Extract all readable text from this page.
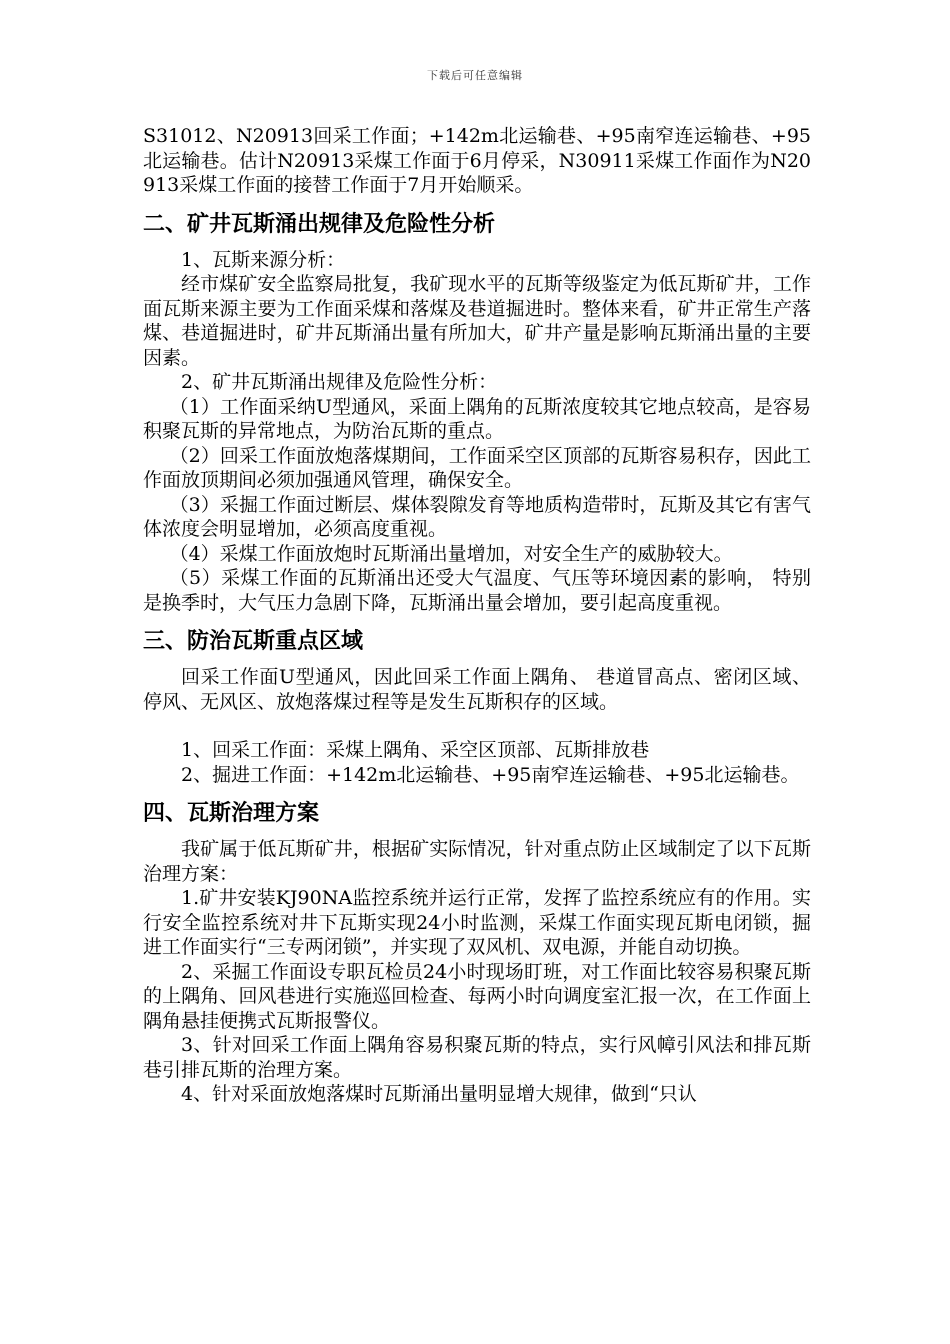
下载后可任意编辑

S31012、N20913回采工作面；+142m北运输巷、+95南窄连运输巷、+95北运输巷。估计N20913采煤工作面于6月停采，N30911采煤工作面作为N20913采煤工作面的接替工作面于7月开始顺采。

二、矿井瓦斯涌出规律及危险性分析

1、瓦斯来源分析：

经市煤矿安全监察局批复，我矿现水平的瓦斯等级鉴定为低瓦斯矿井，工作面瓦斯来源主要为工作面采煤和落煤及巷道掘进时。整体来看，矿井正常生产落煤、巷道掘进时，矿井瓦斯涌出量有所加大，矿井产量是影响瓦斯涌出量的主要因素。

2、矿井瓦斯涌出规律及危险性分析：

（1）工作面采纳U型通风，采面上隅角的瓦斯浓度较其它地点较高，是容易积聚瓦斯的异常地点，为防治瓦斯的重点。

（2）回采工作面放炮落煤期间，工作面采空区顶部的瓦斯容易积存，因此工作面放顶期间必须加强通风管理，确保安全。

（3）采掘工作面过断层、煤体裂隙发育等地质构造带时，瓦斯及其它有害气体浓度会明显增加，必须高度重视。

（4）采煤工作面放炮时瓦斯涌出量增加，对安全生产的威胁较大。

（5）采煤工作面的瓦斯涌出还受大气温度、气压等环境因素的影响， 特别是换季时，大气压力急剧下降，瓦斯涌出量会增加，要引起高度重视。

三、防治瓦斯重点区域

回采工作面U型通风，因此回采工作面上隅角、 巷道冒高点、密闭区域、停风、无风区、放炮落煤过程等是发生瓦斯积存的区域。

1、回采工作面：采煤上隅角、采空区顶部、瓦斯排放巷

2、掘进工作面：+142m北运输巷、+95南窄连运输巷、+95北运输巷。

四、瓦斯治理方案

我矿属于低瓦斯矿井，根据矿实际情况，针对重点防止区域制定了以下瓦斯治理方案：

1.矿井安装KJ90NA监控系统并运行正常，发挥了监控系统应有的作用。实行安全监控系统对井下瓦斯实现24小时监测，采煤工作面实现瓦斯电闭锁，掘进工作面实行“三专两闭锁”，并实现了双风机、双电源，并能自动切换。

2、采掘工作面设专职瓦检员24小时现场盯班，对工作面比较容易积聚瓦斯的上隅角、回风巷进行实施巡回检查、每两小时向调度室汇报一次，在工作面上隅角悬挂便携式瓦斯报警仪。

3、针对回采工作面上隅角容易积聚瓦斯的特点，实行风幛引风法和排瓦斯巷引排瓦斯的治理方案。

4、针对采面放炮落煤时瓦斯涌出量明显增大规律，做到“只认
